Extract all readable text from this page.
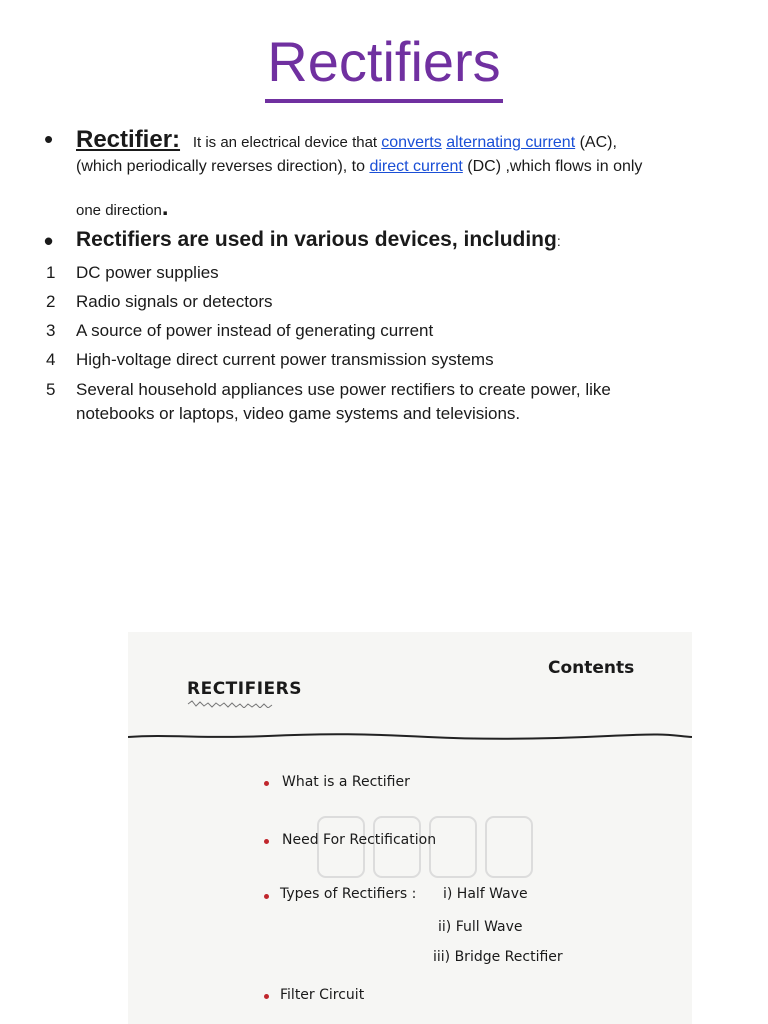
Rectifiers
• Rectifier: It is an electrical device that converts alternating current (AC),
(which periodically reverses direction), to direct current (DC) ,which flows in only
one direction.
• Rectifiers are used in various devices, including:
1 DC power supplies
2 Radio signals or detectors
3 A source of power instead of generating current
4 High-voltage direct current power transmission systems
5 Several household appliances use power rectifiers to create power, like
notebooks or laptops, video game systems and televisions.
Contents
RECTIFIERS
What is a Rectifier
Need For Rectification
Types of Rectifiers : i) Half Wave
ii) Full Wave
iii) Bridge Rectifier
Filter Circuit
